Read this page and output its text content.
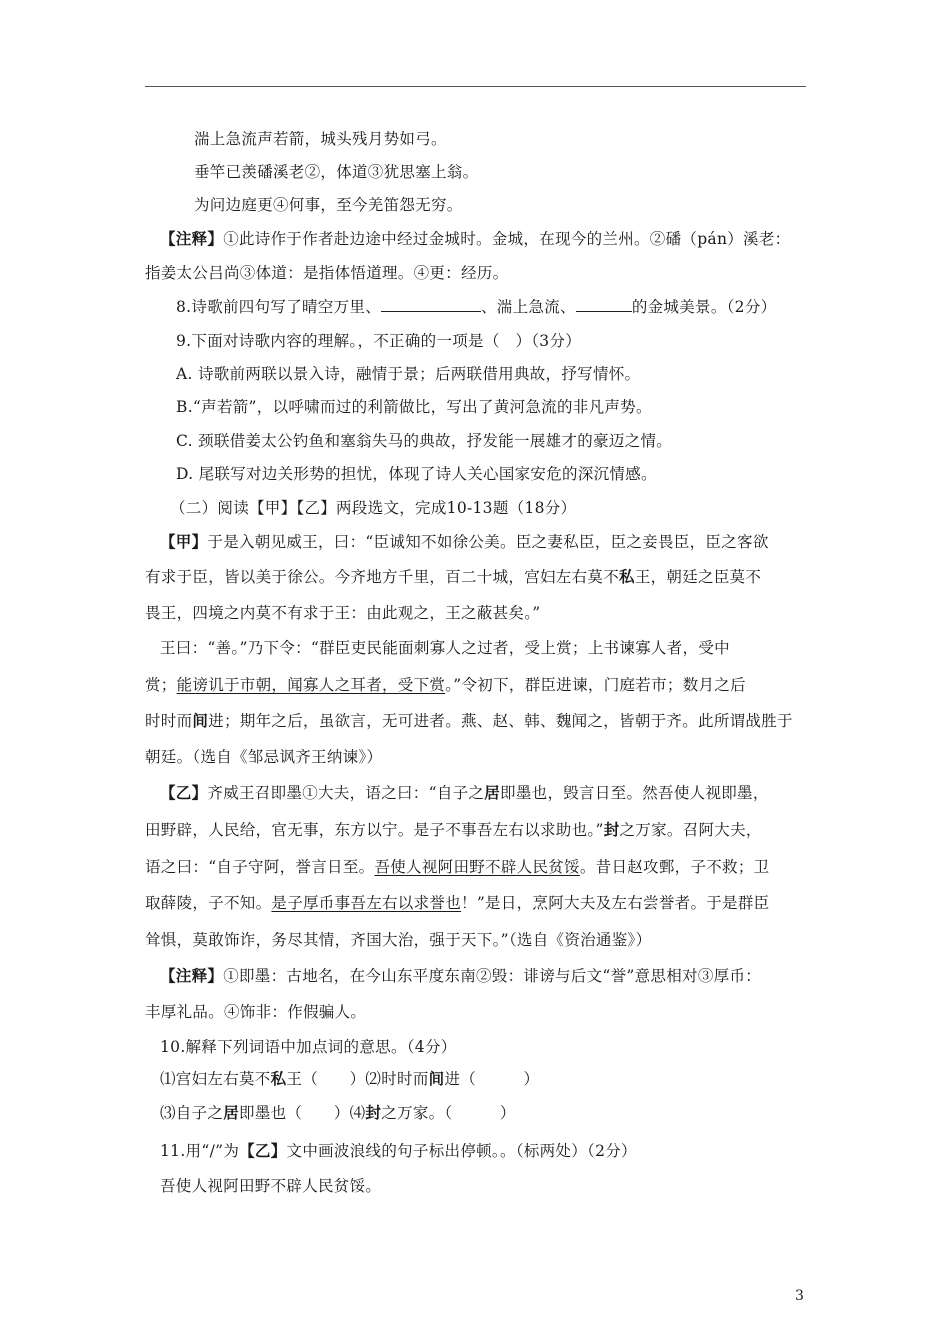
湍上急流声若箭，城头残月势如弓。
垂竿已羡磻溪老②，体道③犹思塞上翁。
为问边庭更④何事，至今羌笛怨无穷。
【注释】①此诗作于作者赴边途中经过金城时。金城，在现今的兰州。②磻（pán）溪老：
指姜太公吕尚③体道：是指体悟道理。④更：经历。
8.诗歌前四句写了晴空万里、	、湍上急流、	的金城美景。（2分）
9.下面对诗歌内容的理解。，不正确的一项是（　）（3分）
A. 诗歌前两联以景入诗，融情于景；后两联借用典故，抒写情怀。
B.“声若箭”，以呼啸而过的利箭做比，写出了黄河急流的非凡声势。
C. 颈联借姜太公钓鱼和塞翁失马的典故，抒发能一展雄才的豪迈之情。
D. 尾联写对边关形势的担忧，体现了诗人关心国家安危的深沉情感。
（二）阅读【甲】【乙】两段选文，完成10-13题（18分）
【甲】于是入朝见威王，曰：“臣诚知不如徐公美。臣之妻私臣，臣之妾畏臣，臣之客欲
有求于臣，皆以美于徐公。今齐地方千里，百二十城，宫妇左右莫不私王，朝廷之臣莫不
畏王，四境之内莫不有求于王：由此观之，王之蔽甚矣。”
王曰：“善。”乃下令：“群臣吏民能面刺寡人之过者，受上赏；上书谏寡人者，受中
赏；能谤讥于市朝，闻寡人之耳者，受下赏。”令初下，群臣进谏，门庭若市；数月之后
时时而间进；期年之后，虽欲言，无可进者。燕、赵、韩、魏闻之，皆朝于齐。此所谓战胜于
朝廷。（选自《邹忌讽齐王纳谏》）
【乙】齐威王召即墨①大夫，语之曰：“自子之居即墨也，毁言日至。然吾使人视即墨，
田野辟，人民给，官无事，东方以宁。是子不事吾左右以求助也。”封之万家。召阿大夫，
语之曰：“自子守阿，誉言日至。吾使人视阿田野不辟人民贫馁。昔日赵攻鄄，子不救；卫
取薛陵，子不知。是子厚币事吾左右以求誉也！”是日，烹阿大夫及左右尝誉者。于是群臣
耸惧，莫敢饰诈，务尽其情，齐国大治，强于天下。”（选自《资治通鉴》）
【注释】①即墨：古地名，在今山东平度东南②毁：诽谤与后文“誉”意思相对③厚币：
丰厚礼品。④饰非：作假骗人。
10.解释下列词语中加点词的意思。（4分）
⑴宫妇左右莫不私王（　　）⑵时时而间进（　　　）
⑶自子之居即墨也（　　）⑷封之万家。（　　　）
11.用“/”为【乙】文中画波浪线的句子标出停顿。。（标两处）（2分）
吾使人视阿田野不辟人民贫馁。
3
